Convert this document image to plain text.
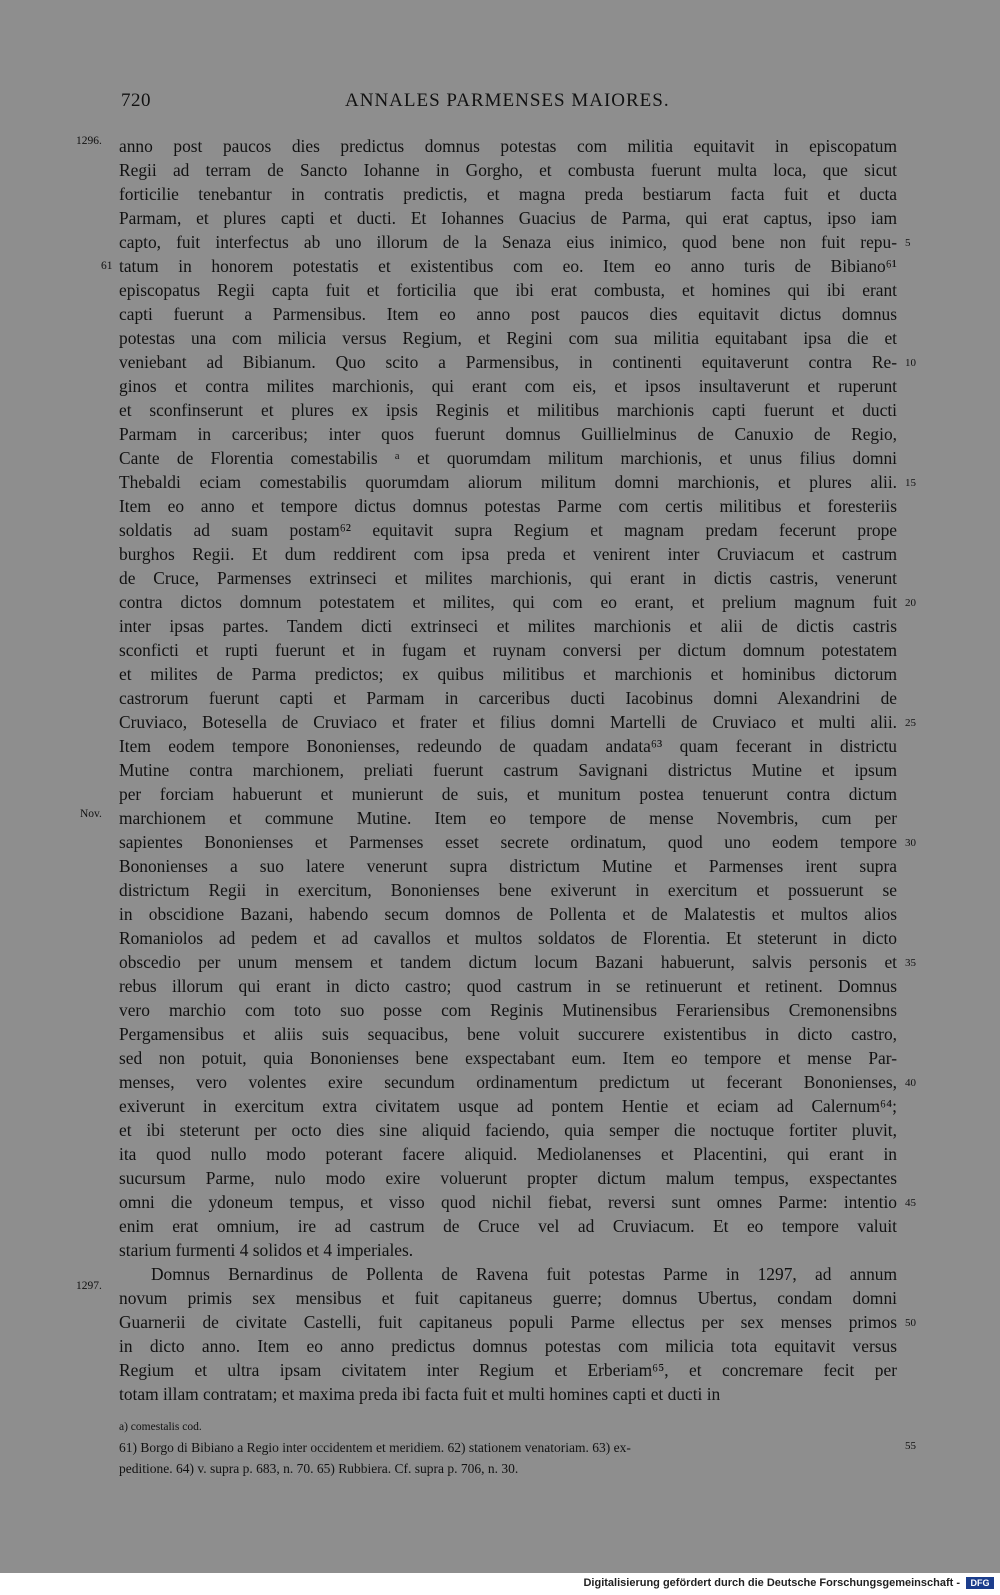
720	ANNALES PARMENSES MAIORES.
1296.
61
Nov.
1297.
5
10
15
20
25
30
35
40
45
50
anno post paucos dies predictus domnus potestas com militia equitavit in episcopatum
Regii ad terram de Sancto Iohanne in Gorgho, et combusta fuerunt multa loca, que sicut
forticilie tenebantur in contratis predictis, et magna preda bestiarum facta fuit et ducta
Parmam, et plures capti et ducti. Et Iohannes Guacius de Parma, qui erat captus, ipso iam
capto, fuit interfectus ab uno illorum de la Senaza eius inimico, quod bene non fuit repu-
tatum in honorem potestatis et existentibus com eo. Item eo anno turis de Bibiano⁶¹
episcopatus Regii capta fuit et forticilia que ibi erat combusta, et homines qui ibi erant
capti fuerunt a Parmensibus. Item eo anno post paucos dies equitavit dictus domnus
potestas una com milicia versus Regium, et Regini com sua militia equitabant ipsa die et
veniebant ad Bibianum. Quo scito a Parmensibus, in continenti equitaverunt contra Re-
ginos et contra milites marchionis, qui erant com eis, et ipsos insultaverunt et ruperunt
et sconfinserunt et plures ex ipsis Reginis et militibus marchionis capti fuerunt et ducti
Parmam in carceribus; inter quos fuerunt domnus Guillielminus de Canuxio de Regio,
Cante de Florentia comestabilis ᵃ et quorumdam militum marchionis, et unus filius domni
Thebaldi eciam comestabilis quorumdam aliorum militum domni marchionis, et plures alii.
Item eo anno et tempore dictus domnus potestas Parme com certis militibus et foresteriis
soldatis ad suam postam⁶² equitavit supra Regium et magnam predam fecerunt prope
burghos Regii. Et dum reddirent com ipsa preda et venirent inter Cruviacum et castrum
de Cruce, Parmenses extrinseci et milites marchionis, qui erant in dictis castris, venerunt
contra dictos domnum potestatem et milites, qui com eo erant, et prelium magnum fuit
inter ipsas partes. Tandem dicti extrinseci et milites marchionis et alii de dictis castris
sconficti et rupti fuerunt et in fugam et ruynam conversi per dictum domnum potestatem
et milites de Parma predictos; ex quibus militibus et marchionis et hominibus dictorum
castrorum fuerunt capti et Parmam in carceribus ducti Iacobinus domni Alexandrini de
Cruviaco, Botesella de Cruviaco et frater et filius domni Martelli de Cruviaco et multi alii.
Item eodem tempore Bononienses, redeundo de quadam andata⁶³ quam fecerant in districtu
Mutine contra marchionem, preliati fuerunt castrum Savignani districtus Mutine et ipsum
per forciam habuerunt et munierunt de suis, et munitum postea tenuerunt contra dictum
marchionem et commune Mutine. Item eo tempore de mense Novembris, cum per
sapientes Bononienses et Parmenses esset secrete ordinatum, quod uno eodem tempore
Bononienses a suo latere venerunt supra districtum Mutine et Parmenses irent supra
districtum Regii in exercitum, Bononienses bene exiverunt in exercitum et possuerunt se
in obscidione Bazani, habendo secum domnos de Pollenta et de Malatestis et multos alios
Romaniolos ad pedem et ad cavallos et multos soldatos de Florentia. Et steterunt in dicto
obscedio per unum mensem et tandem dictum locum Bazani habuerunt, salvis personis et
rebus illorum qui erant in dicto castro; quod castrum in se retinuerunt et retinent. Domnus
vero marchio com toto suo posse com Reginis Mutinensibus Ferariensibus Cremonensibns
Pergamensibus et aliis suis sequacibus, bene voluit succurere existentibus in dicto castro,
sed non potuit, quia Bononienses bene exspectabant eum. Item eo tempore et mense Par-
menses, vero volentes exire secundum ordinamentum predictum ut fecerant Bononienses,
exiverunt in exercitum extra civitatem usque ad pontem Hentie et eciam ad Calernum⁶⁴;
et ibi steterunt per octo dies sine aliquid faciendo, quia semper die noctuque fortiter pluvit,
ita quod nullo modo poterant facere aliquid. Mediolanenses et Placentini, qui erant in
sucursum Parme, nulo modo exire voluerunt propter dictum malum tempus, exspectantes
omni die ydoneum tempus, et visso quod nichil fiebat, reversi sunt omnes Parme: intentio
enim erat omnium, ire ad castrum de Cruce vel ad Cruviacum. Et eo tempore valuit
starium furmenti 4 solidos et 4 imperiales.
Domnus Bernardinus de Pollenta de Ravena fuit potestas Parme in 1297, ad annum
novum primis sex mensibus et fuit capitaneus guerre; domnus Ubertus, condam domni
Guarnerii de civitate Castelli, fuit capitaneus populi Parme ellectus per sex menses primos
in dicto anno. Item eo anno predictus domnus potestas com milicia tota equitavit versus
Regium et ultra ipsam civitatem inter Regium et Erberiam⁶⁵, et concremare fecit per
totam illam contratam; et maxima preda ibi facta fuit et multi homines capti et ducti in
a) comestalis cod.
61) Borgo di Bibiano a Regio inter occidentem et meridiem. 62) stationem venatoriam. 63) ex-
peditione. 64) v. supra p. 683, n. 70. 65) Rubbiera. Cf. supra p. 706, n. 30.
55
Digitalisierung gefördert durch die Deutsche Forschungsgemeinschaft -	DFG
